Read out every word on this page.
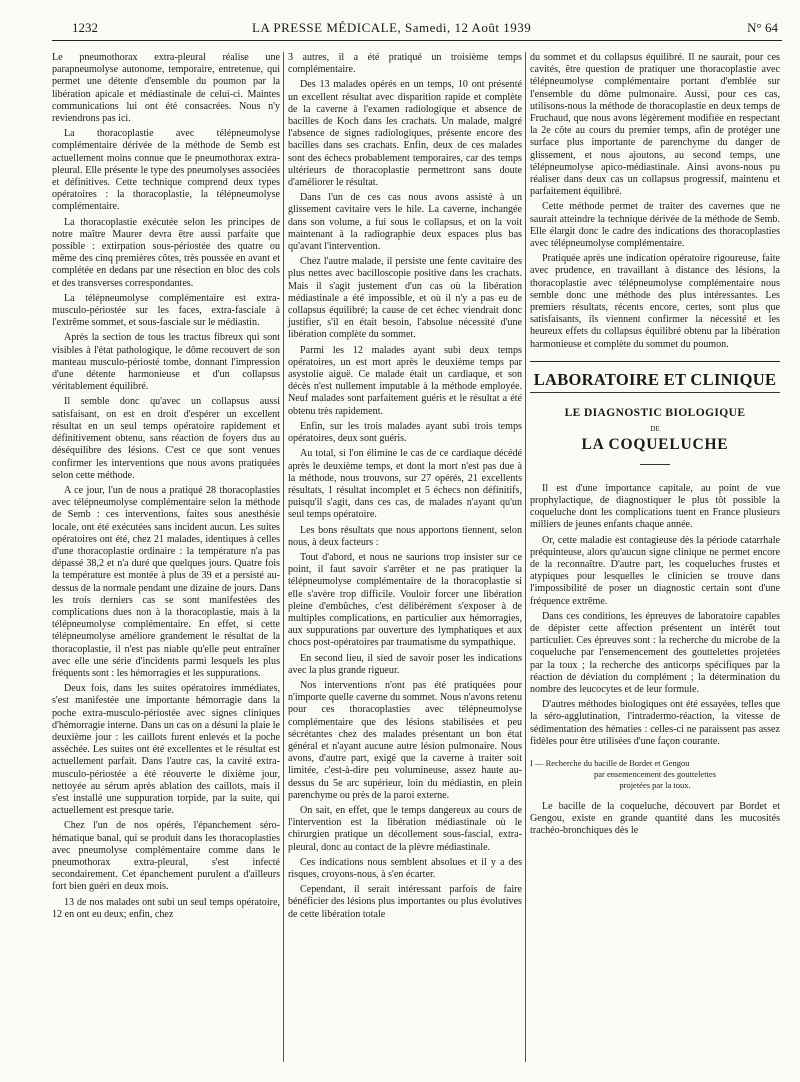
1232	LA PRESSE MÉDICALE, Samedi, 12 Août 1939	N° 64

Le pneumothorax extra-pleural réalise une parapneumolyse autonome, temporaire, entretenue, qui permet une détente d'ensemble du poumon par la libération apicale et médiastinale de celui-ci. Maintes communications lui ont été consacrées. Nous n'y reviendrons pas ici.

La thoracoplastie avec télépneumolyse complémentaire dérivée de la méthode de Semb est actuellement moins connue que le pneumothorax extra-pleural. Elle présente le type des pneumolyses associées et définitives. Cette technique comprend deux types opératoires : la thoracoplastie, la télépneumolyse complémentaire.

La thoracoplastie exécutée selon les principes de notre maître Maurer devra être aussi parfaite que possible : extirpation sous-périostée des quatre ou même des cinq premières côtes, très poussée en avant et complétée en dedans par une résection en bloc des cols et des transverses correspondantes.

La télépneumolyse complémentaire est extra-musculo-périostée sur les faces, extra-fasciale à l'extrême sommet, et sous-fasciale sur le médiastin.

Après la section de tous les tractus fibreux qui sont visibles à l'état pathologique, le dôme recouvert de son manteau musculo-périosté tombe, donnant l'impression d'une détente harmonieuse et d'un collapsus véritablement équilibré.

Il semble donc qu'avec un collapsus aussi satisfaisant, on est en droit d'espérer un excellent résultat en un seul temps opératoire rapidement et définitivement obtenu, sans réaction de foyers dus au déséquilibre des lésions. C'est ce que sont venues confirmer les interventions que nous avons pratiquées selon cette méthode.

A ce jour, l'un de nous a pratiqué 28 thoracoplasties avec télépneumolyse complémentaire selon la méthode de Semb : ces interventions, faites sous anesthésie locale, ont été exécutées sans incident aucun. Les suites opératoires ont été, chez 21 malades, identiques à celles d'une thoracoplastie ordinaire : la température n'a pas dépassé 38,2 et n'a duré que quelques jours. Quatre fois la température est montée à plus de 39 et a persisté au-dessus de la normale pendant une dizaine de jours. Dans les trois derniers cas se sont manifestées des complications dues non à la thoracoplastie, mais à la télépneumolyse complémentaire. En effet, si cette télépneumolyse améliore grandement le résultat de la thoracoplastie, il n'est pas niable qu'elle peut entraîner avec elle une série d'incidents parmi lesquels les plus fréquents sont : les hémorragies et les suppurations.

Deux fois, dans les suites opératoires immédiates, s'est manifestée une importante hémorragie dans la poche extra-musculo-périostée avec signes cliniques d'hémorragie interne. Dans un cas on a désuni la plaie le deuxième jour : les caillots furent enlevés et la poche asséchée. Les suites ont été excellentes et le résultat est actuellement parfait. Dans l'autre cas, la cavité extra-musculo-périostée a été réouverte le dixième jour, nettoyée au sérum après ablation des caillots, mais il s'est installé une suppuration torpide, par la suite, qui actuellement est presque tarie.

Chez l'un de nos opérés, l'épanchement séro-hématique banal, qui se produit dans les thoracoplasties avec pneumolyse complémentaire comme dans le pneumothorax extra-pleural, s'est infecté secondairement. Cet épanchement purulent a d'ailleurs fort bien guéri en deux mois.

13 de nos malades ont subi un seul temps opératoire, 12 en ont eu deux; enfin, chez

3 autres, il a été pratiqué un troisième temps complémentaire.

Des 13 malades opérés en un temps, 10 ont présenté un excellent résultat avec disparition rapide et complète de la caverne à l'examen radiologique et absence de bacilles de Koch dans les crachats. Un malade, malgré l'absence de signes radiologiques, présente encore des bacilles dans ses crachats. Enfin, deux de ces malades sont des échecs probablement temporaires, car des temps ultérieurs de thoracoplastie permettront sans doute d'améliorer le résultat.

Dans l'un de ces cas nous avons assisté à un glissement cavitaire vers le hile. La caverne, inchangée dans son volume, a fui sous le collapsus, et on la voit maintenant à la radiographie deux espaces plus bas qu'avant l'intervention.

Chez l'autre malade, il persiste une fente cavitaire des plus nettes avec bacilloscopie positive dans les crachats. Mais il s'agit justement d'un cas où la libération médiastinale a été impossible, et où il n'y a pas eu de collapsus équilibré; la cause de cet échec viendrait donc justifier, s'il en était besoin, l'absolue nécessité d'une libération complète du sommet.

Parmi les 12 malades ayant subi deux temps opératoires, un est mort après le deuxième temps par asystolie aiguë. Ce malade était un cardiaque, et son décès n'est nullement imputable à la méthode employée. Neuf malades sont parfaitement guéris et le résultat a été obtenu très rapidement.

Enfin, sur les trois malades ayant subi trois temps opératoires, deux sont guéris.

Au total, si l'on élimine le cas de ce cardiaque décédé après le deuxième temps, et dont la mort n'est pas due à la méthode, nous trouvons, sur 27 opérés, 21 excellents résultats, 1 résultat incomplet et 5 échecs non définitifs, puisqu'il s'agit, dans ces cas, de malades n'ayant qu'un seul temps opératoire.

Les bons résultats que nous apportons tiennent, selon nous, à deux facteurs :

Tout d'abord, et nous ne saurions trop insister sur ce point, il faut savoir s'arrêter et ne pas pratiquer la télépneumolyse complémentaire de la thoracoplastie si elle s'avère trop difficile. Vouloir forcer une libération pleine d'embûches, c'est délibérément s'exposer à de multiples complications, en particulier aux hémorragies, aux suppurations par ouverture des lymphatiques et aux chocs post-opératoires par traumatisme du sympathique.

En second lieu, il sied de savoir poser les indications avec la plus grande rigueur.

Nos interventions n'ont pas été pratiquées pour n'importe quelle caverne du sommet. Nous n'avons retenu pour ces thoracoplasties avec télépneumolyse complémentaire que des lésions stabilisées et peu sécrétantes chez des malades présentant un bon état général et n'ayant aucune autre lésion pulmonaire. Nous avons, d'autre part, exigé que la caverne à traiter soit limitée, c'est-à-dire peu volumineuse, assez haute au-dessus du 5e arc supérieur, loin du médiastin, en plein parenchyme ou près de la paroi externe.

On sait, en effet, que le temps dangereux au cours de l'intervention est la libération médiastinale où le chirurgien pratique un décollement sous-fascial, extra-pleural, donc au contact de la plèvre médiastinale.

Ces indications nous semblent absolues et il y a des risques, croyons-nous, à s'en écarter.

Cependant, il serait intéressant parfois de faire bénéficier des lésions plus importantes ou plus évolutives de cette libération totale

du sommet et du collapsus équilibré. Il ne saurait, pour ces cavités, être question de pratiquer une thoracoplastie avec télépneumolyse complémentaire portant d'emblée sur l'ensemble du dôme pulmonaire. Aussi, pour ces cas, utilisons-nous la méthode de thoracoplastie en deux temps de Fruchaud, que nous avons légèrement modifiée en respectant la 2e côte au cours du premier temps, afin de protéger une surface plus importante de parenchyme du danger de glissement, et nous ajoutons, au second temps, une télépneumolyse apico-médiastinale. Ainsi avons-nous pu réaliser dans deux cas un collapsus progressif, maintenu et parfaitement équilibré.

Cette méthode permet de traiter des cavernes que ne saurait atteindre la technique dérivée de la méthode de Semb. Elle élargit donc le cadre des indications des thoracoplasties avec télépneumolyse complémentaire.

Pratiquée après une indication opératoire rigoureuse, faite avec prudence, en travaillant à distance des lésions, la thoracoplastie avec télépneumolyse complémentaire nous semble donc une méthode des plus intéressantes. Les premiers résultats, récents encore, certes, sont plus que satisfaisants, ils viennent confirmer la nécessité et les heureux effets du collapsus équilibré obtenu par la libération harmonieuse et complète du sommet du poumon.

LABORATOIRE ET CLINIQUE
LE DIAGNOSTIC BIOLOGIQUE
DE
LA COQUELUCHE

Il est d'une importance capitale, au point de vue prophylactique, de diagnostiquer le plus tôt possible la coqueluche dont les complications tuent en France plusieurs milliers de jeunes enfants chaque année.

Or, cette maladie est contagieuse dès la période catarrhale préquinteuse, alors qu'aucun signe clinique ne permet encore de la reconnaître. D'autre part, les coqueluches frustes et atypiques pour lesquelles le clinicien se trouve dans l'impossibilité de poser un diagnostic certain sont d'une fréquence extrême.

Dans ces conditions, les épreuves de laboratoire capables de dépister cette affection présentent un intérêt tout particulier. Ces épreuves sont : la recherche du microbe de la coqueluche par l'ensemencement des gouttelettes projetées par la toux ; la recherche des anticorps spécifiques par la réaction de déviation du complément ; la détermination du nombre des leucocytes et de leur formule.

D'autres méthodes biologiques ont été essayées, telles que la séro-agglutination, l'intradermo-réaction, la vitesse de sédimentation des hématies : celles-ci ne paraissent pas assez fidèles pour être utilisées d'une façon courante.

I — Recherche du bacille de Bordet et Gengou
par ensemencement des gouttelettes
projetées par la toux.

Le bacille de la coqueluche, découvert par Bordet et Gengou, existe en grande quantité dans les mucosités trachéo-bronchiques dès le
